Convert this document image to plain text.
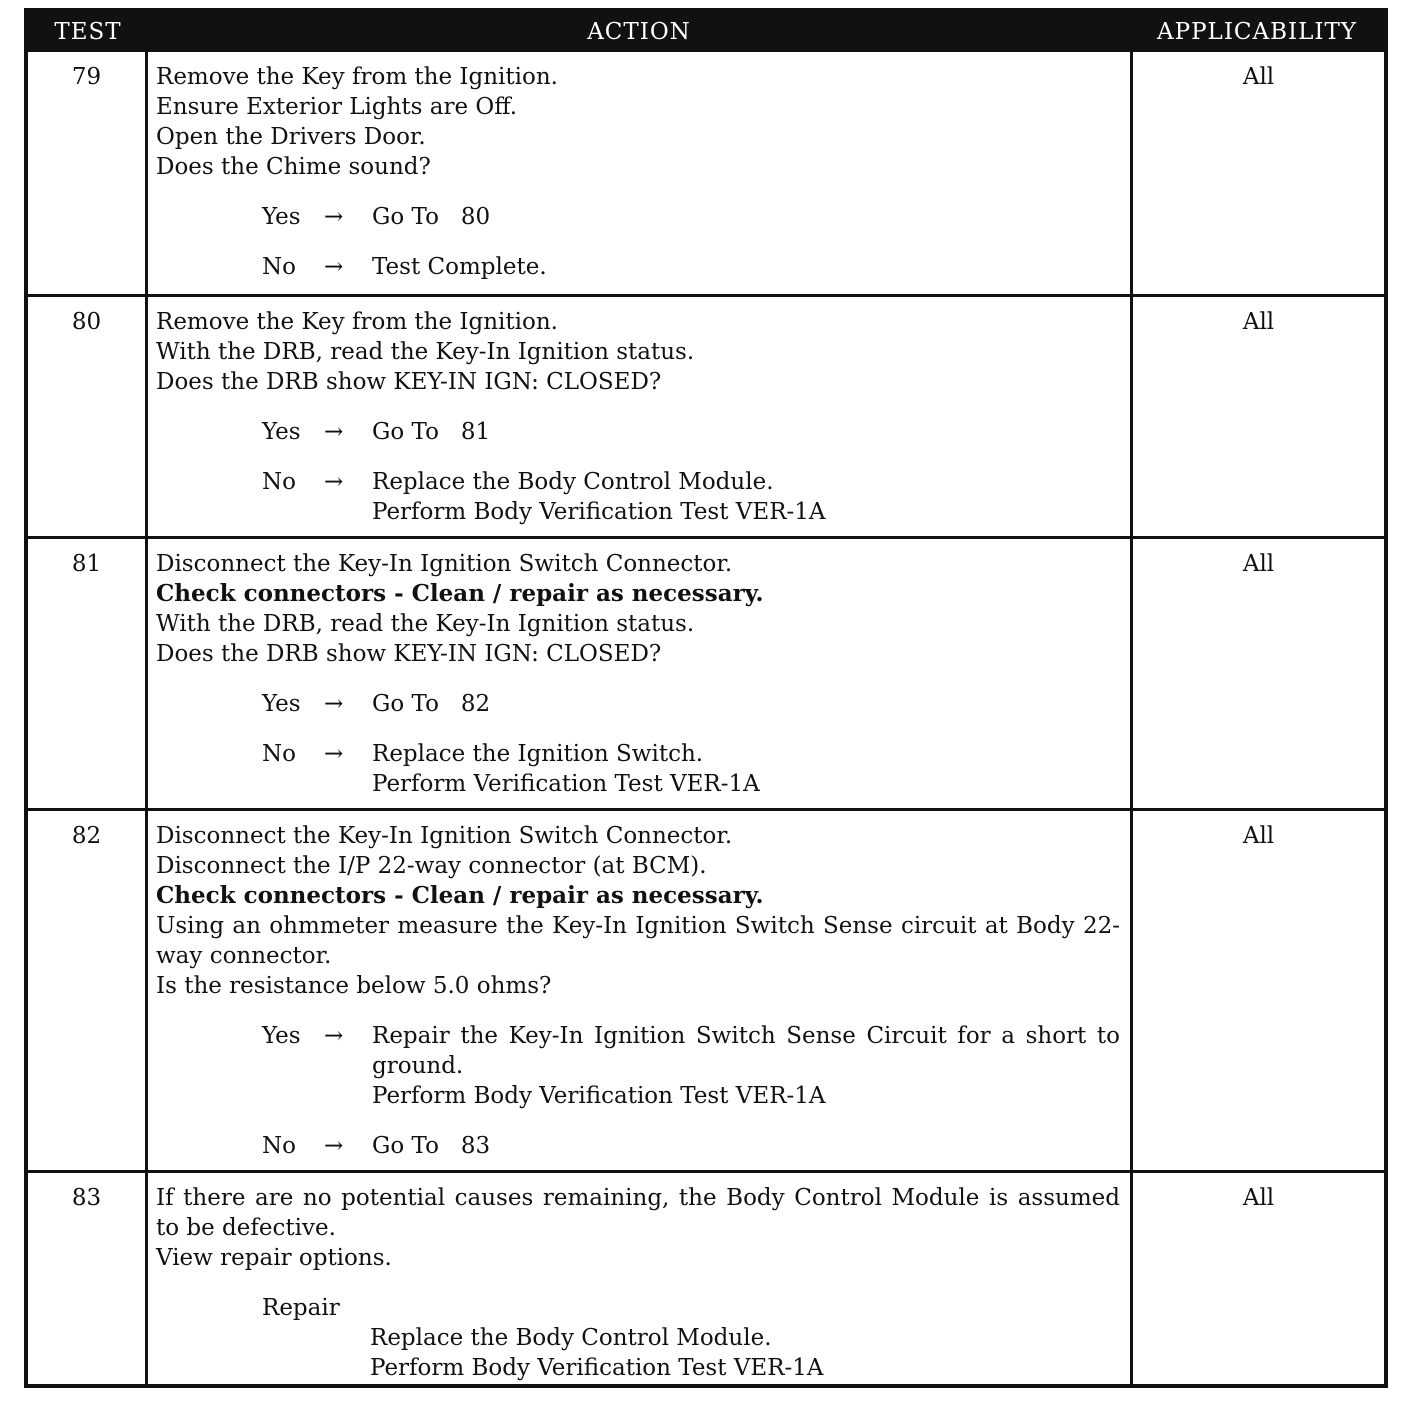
TEST	ACTION	APPLICABILITY
79	Remove the Key from the Ignition.
Ensure Exterior Lights are Off.
Open the Drivers Door.
Does the Chime sound?
Yes	→	Go To   80
No	→	Test Complete.
All
80	Remove the Key from the Ignition.
With the DRB, read the Key-In Ignition status.
Does the DRB show KEY-IN IGN: CLOSED?
Yes	→	Go To   81
No	→	Replace the Body Control Module.
Perform Body Verification Test VER-1A
All
81	Disconnect the Key-In Ignition Switch Connector.
Check connectors - Clean / repair as necessary.
With the DRB, read the Key-In Ignition status.
Does the DRB show KEY-IN IGN: CLOSED?
Yes	→	Go To   82
No	→	Replace the Ignition Switch.
Perform Verification Test VER-1A
All
82	Disconnect the Key-In Ignition Switch Connector.
Disconnect the I/P 22-way connector (at BCM).
Check connectors - Clean / repair as necessary.
Using an ohmmeter measure the Key-In Ignition Switch Sense circuit at Body 22-way connector.
Is the resistance below 5.0 ohms?
Yes	→	Repair the Key-In Ignition Switch Sense Circuit for a short to ground.
Perform Body Verification Test VER-1A
No	→	Go To   83
All
83	If there are no potential causes remaining, the Body Control Module is assumed to be defective.
View repair options.
Repair
Replace the Body Control Module.
Perform Body Verification Test VER-1A
All
